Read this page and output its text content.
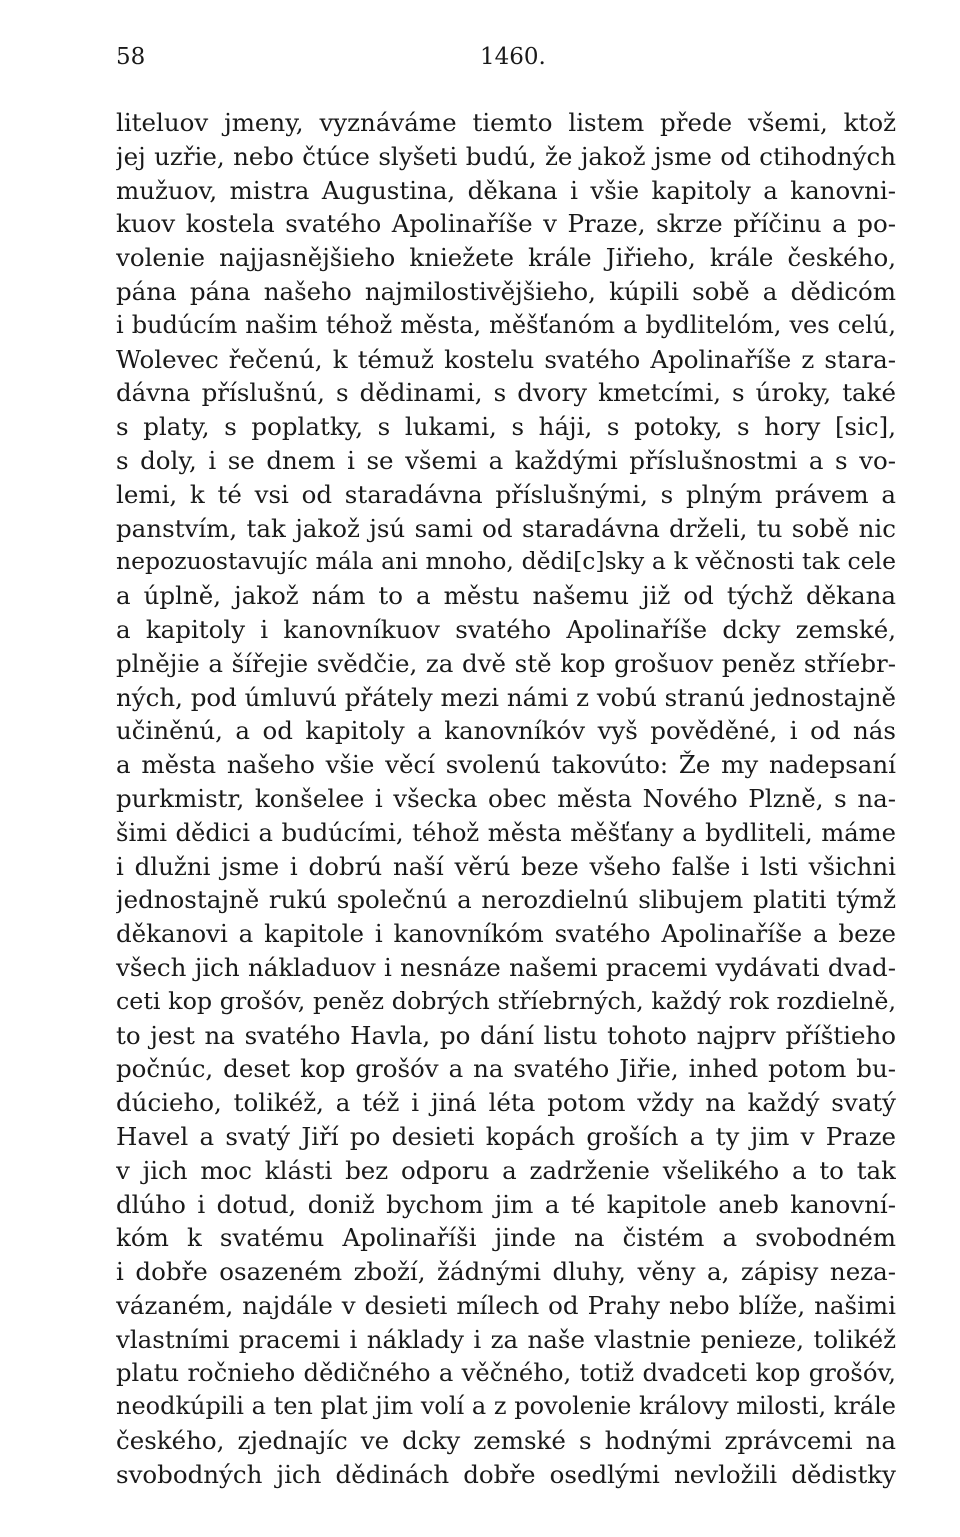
58	1460.
liteluov jmeny, vyznáváme tiemto listem přede všemi, ktož
jej uzřie, nebo čtúce slyšeti budú, že jakož jsme od ctihodných
mužuov, mistra Augustina, děkana i všie kapitoly a kanovni-
kuov kostela svatého Apolinaříše v Praze, skrze příčinu a po-
volenie najjasnějšieho kniežete krále Jiřieho, krále českého,
pána pána našeho najmilostivějšieho, kúpili sobě a dědicóm
i budúcím našim téhož města, měšťanóm a bydlitelóm, ves celú,
Wolevec řečenú, k témuž kostelu svatého Apolinaříše z stara-
dávna příslušnú, s dědinami, s dvory kmetcími, s úroky, také
s platy, s poplatky, s lukami, s háji, s potoky, s hory [sic],
s doly, i se dnem i se všemi a každými příslušnostmi a s vo-
lemi, k té vsi od staradávna příslušnými, s plným právem a
panstvím, tak jakož jsú sami od staradávna drželi, tu sobě nic
nepozuostavujíc mála ani mnoho, dědi[c]sky a k věčnosti tak cele
a úplně, jakož nám to a městu našemu již od týchž děkana
a kapitoly i kanovníkuov svatého Apolinaříše dcky zemské,
plnějie a šířejie svědčie, za dvě stě kop grošuov peněz stříebr-
ných, pod úmluvú přátely mezi námi z vobú stranú jednostajně
učiněnú, a od kapitoly a kanovníkóv vyš pověděné, i od nás
a města našeho všie věcí svolenú takovúto: Že my nadepsaní
purkmistr, konšelee i všecka obec města Nového Plzně, s na-
šimi dědici a budúcími, téhož města měšťany a bydliteli, máme
i dlužni jsme i dobrú naší věrú beze všeho falše i lsti všichni
jednostajně rukú společnú a nerozdielnú slibujem platiti týmž
děkanovi a kapitole i kanovníkóm svatého Apolinaříše a beze
všech jich nákladuov i nesnáze našemi pracemi vydávati dvad-
ceti kop grošóv, peněz dobrých stříebrných, každý rok rozdielně,
to jest na svatého Havla, po dání listu tohoto najprv příštieho
počnúc, deset kop grošóv a na svatého Jiřie, inhed potom bu-
dúcieho, tolikéž, a též i jiná léta potom vždy na každý svatý
Havel a svatý Jiří po desieti kopách groších a ty jim v Praze
v jich moc klásti bez odporu a zadrženie všelikého a to tak
dlúho i dotud, doniž bychom jim a té kapitole aneb kanovní-
kóm k svatému Apolinaříši jinde na čistém a svobodném
i dobře osazeném zboží, žádnými dluhy, věny a, zápisy neza-
vázaném, najdále v desieti mílech od Prahy nebo blíže, našimi
vlastními pracemi i náklady i za naše vlastnie penieze, tolikéž
platu ročnieho dědičného a věčného, totiž dvadceti kop grošóv,
neodkúpili a ten plat jim volí a z povolenie královy milosti, krále
českého, zjednajíc ve dcky zemské s hodnými zprávcemi na
svobodných jich dědinách dobře osedlými nevložili dědistky
